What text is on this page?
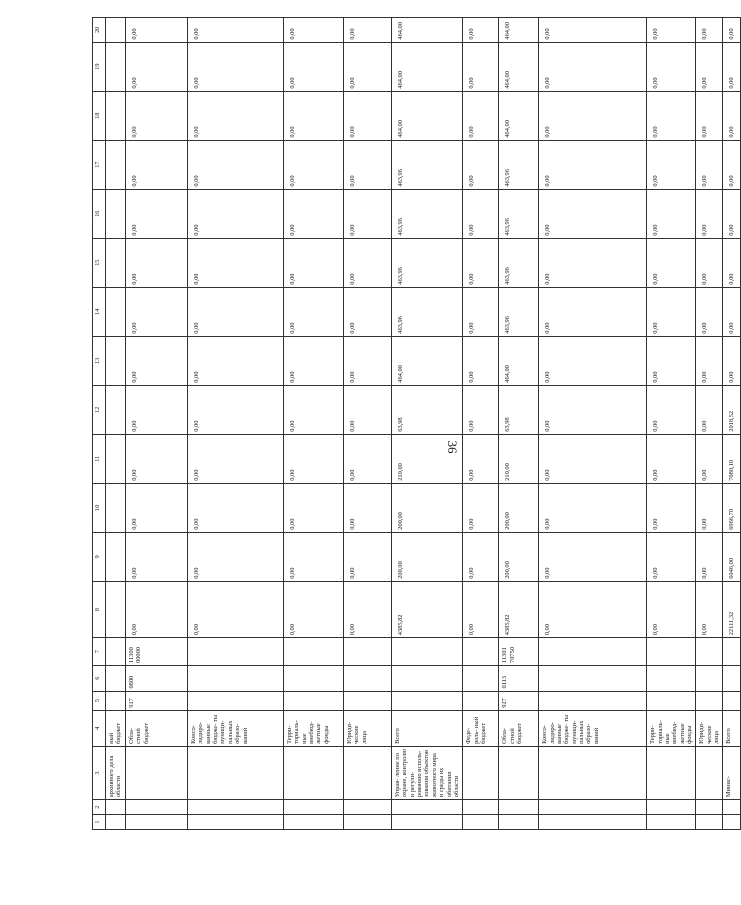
36
1	2	3	4	5	6	7	8	9	10	11	12	13	14	15	16	17	18	19	20
		архивного дела области	ный бюджет																
			Обла- стной бюджет	917	0800	11300 00000	0,00	0,00	0,00	0,00	0,00	0,00	0,00	0,00	0,00	0,00	0,00	0,00	0,00
			Консо- лидиро- ванные бюдже- ты муници- пальных образо- ваний				0,00	0,00	0,00	0,00	0,00	0,00	0,00	0,00	0,00	0,00	0,00	0,00	0,00
			Терри- ториаль- ные внебюд- жетные фонды				0,00	0,00	0,00	0,00	0,00	0,00	0,00	0,00	0,00	0,00	0,00	0,00	0,00
			Юриди- ческие лица				0,00	0,00	0,00	0,00	0,00	0,00	0,00	0,00	0,00	0,00	0,00	0,00	0,00
		Управ- ление по охране, контролю и регули- рованию исполь- зования объектов животного мира и среды их обитания области	Всего				4385,82	200,00	200,00	210,00	63,98	464,00	463,96	463,96	463,96	463,96	464,00	464,00	464,00
			Феде- раль- ный бюджет				0,00	0,00	0,00	0,00	0,00	0,00	0,00	0,00	0,00	0,00	0,00	0,00	0,00
			Обла- стной бюджет	927	0113	11301 70750	4385,82	200,00	200,00	210,00	63,98	464,00	463,96	463,96	463,96	463,96	464,00	464,00	464,00
			Консо- лидиро- ванные бюдже- ты муници- пальных образо- ваний				0,00	0,00	0,00	0,00	0,00	0,00	0,00	0,00	0,00	0,00	0,00	0,00	0,00
			Терри- ториаль- ные внебюд- жетные фонды				0,00	0,00	0,00	0,00	0,00	0,00	0,00	0,00	0,00	0,00	0,00	0,00	0,00
			Юриди- ческие лица				0,00	0,00	0,00	0,00	0,00	0,00	0,00	0,00	0,00	0,00	0,00	0,00	0,00
		Минис-	Всего				22111,32	6046,00	6966,70	7080,10	2018,52	0,00	0,00	0,00	0,00	0,00	0,00	0,00	0,00
